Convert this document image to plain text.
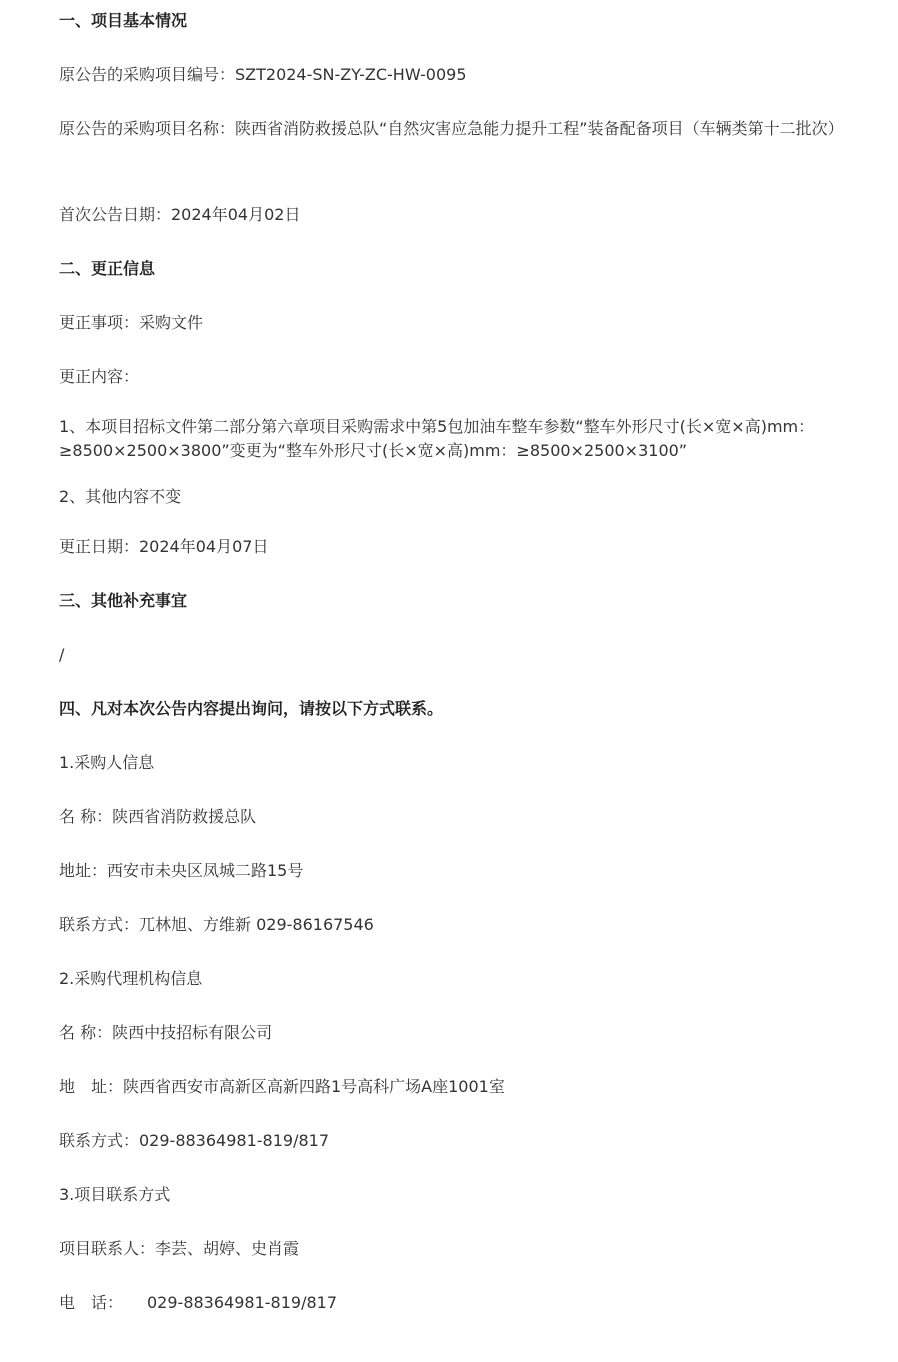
一、项目基本情况

原公告的采购项目编号：SZT2024-SN-ZY-ZC-HW-0095

原公告的采购项目名称：陕西省消防救援总队“自然灾害应急能力提升工程”装备配备项目（车辆类第十二批次）

首次公告日期：2024年04月02日

二、更正信息

更正事项：采购文件

更正内容：

1、本项目招标文件第二部分第六章项目采购需求中第5包加油车整车参数“整车外形尺寸(长×宽×高)mm：≥8500×2500×3800”变更为“整车外形尺寸(长×宽×高)mm：≥8500×2500×3100”

2、其他内容不变

更正日期：2024年04月07日

三、其他补充事宜

/

四、凡对本次公告内容提出询问，请按以下方式联系。

1.采购人信息

名 称：陕西省消防救援总队

地址：西安市未央区凤城二路15号

联系方式：兀林旭、方维新 029-86167546

2.采购代理机构信息

名 称：陕西中技招标有限公司

地　址：陕西省西安市高新区高新四路1号高科广场A座1001室

联系方式：029-88364981-819/817

3.项目联系方式

项目联系人：李芸、胡婷、史肖霞

电　话：　　029-88364981-819/817
